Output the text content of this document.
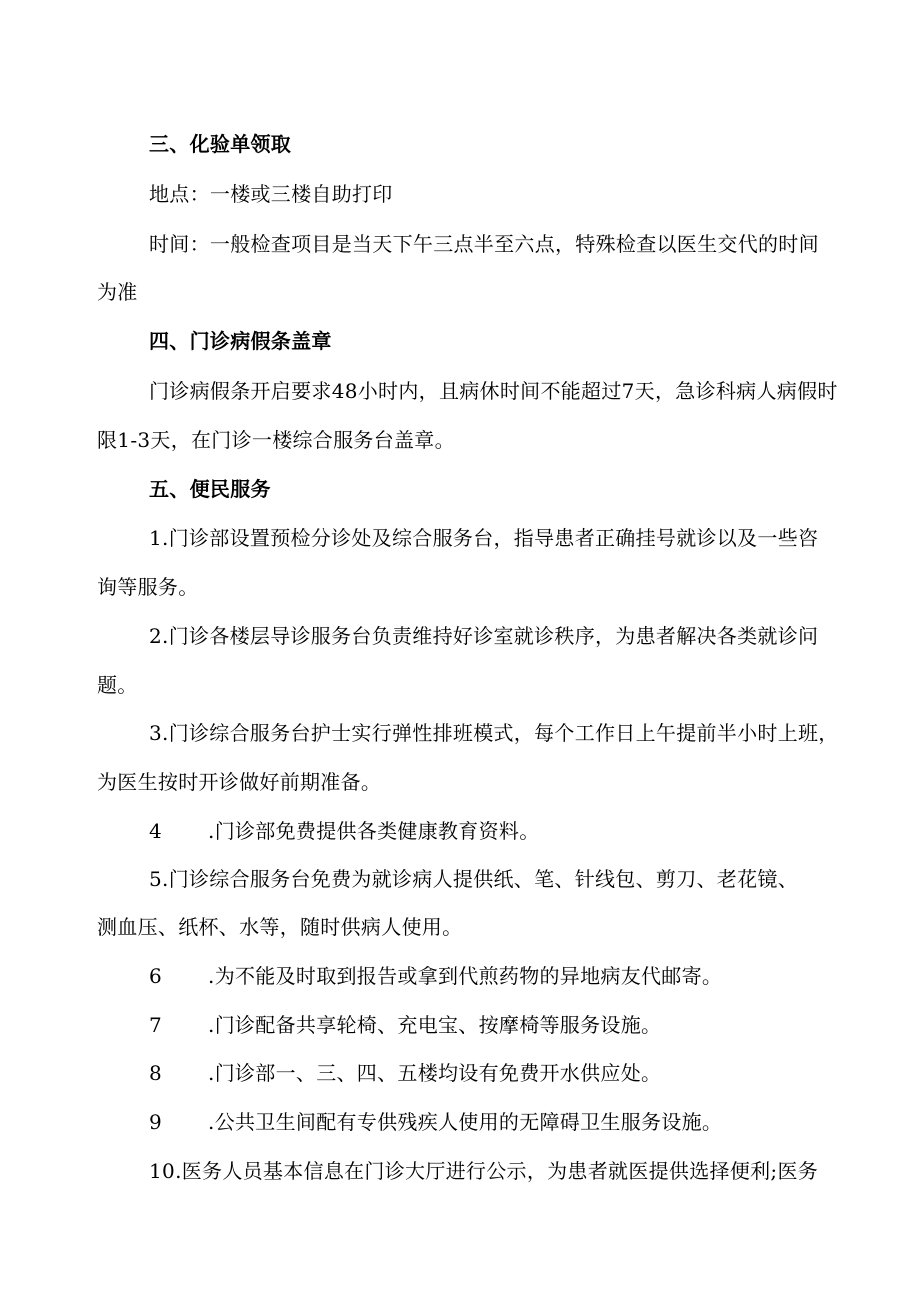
三、化验单领取
地点：一楼或三楼自助打印
时间：一般检查项目是当天下午三点半至六点，特殊检查以医生交代的时间
为准
四、门诊病假条盖章
门诊病假条开启要求48小时内，且病休时间不能超过7天，急诊科病人病假时
限1-3天，在门诊一楼综合服务台盖章。
五、便民服务
1.门诊部设置预检分诊处及综合服务台，指导患者正确挂号就诊以及一些咨
询等服务。
2.门诊各楼层导诊服务台负责维持好诊室就诊秩序，为患者解决各类就诊问
题。
3.门诊综合服务台护士实行弹性排班模式，每个工作日上午提前半小时上班，
为医生按时开诊做好前期准备。
4 .门诊部免费提供各类健康教育资料。
5.门诊综合服务台免费为就诊病人提供纸、笔、针线包、剪刀、老花镜、
测血压、纸杯、水等，随时供病人使用。
6 .为不能及时取到报告或拿到代煎药物的异地病友代邮寄。
7 .门诊配备共享轮椅、充电宝、按摩椅等服务设施。
8 .门诊部一、三、四、五楼均设有免费开水供应处。
9 .公共卫生间配有专供残疾人使用的无障碍卫生服务设施。
10.医务人员基本信息在门诊大厅进行公示，为患者就医提供选择便利;医务
